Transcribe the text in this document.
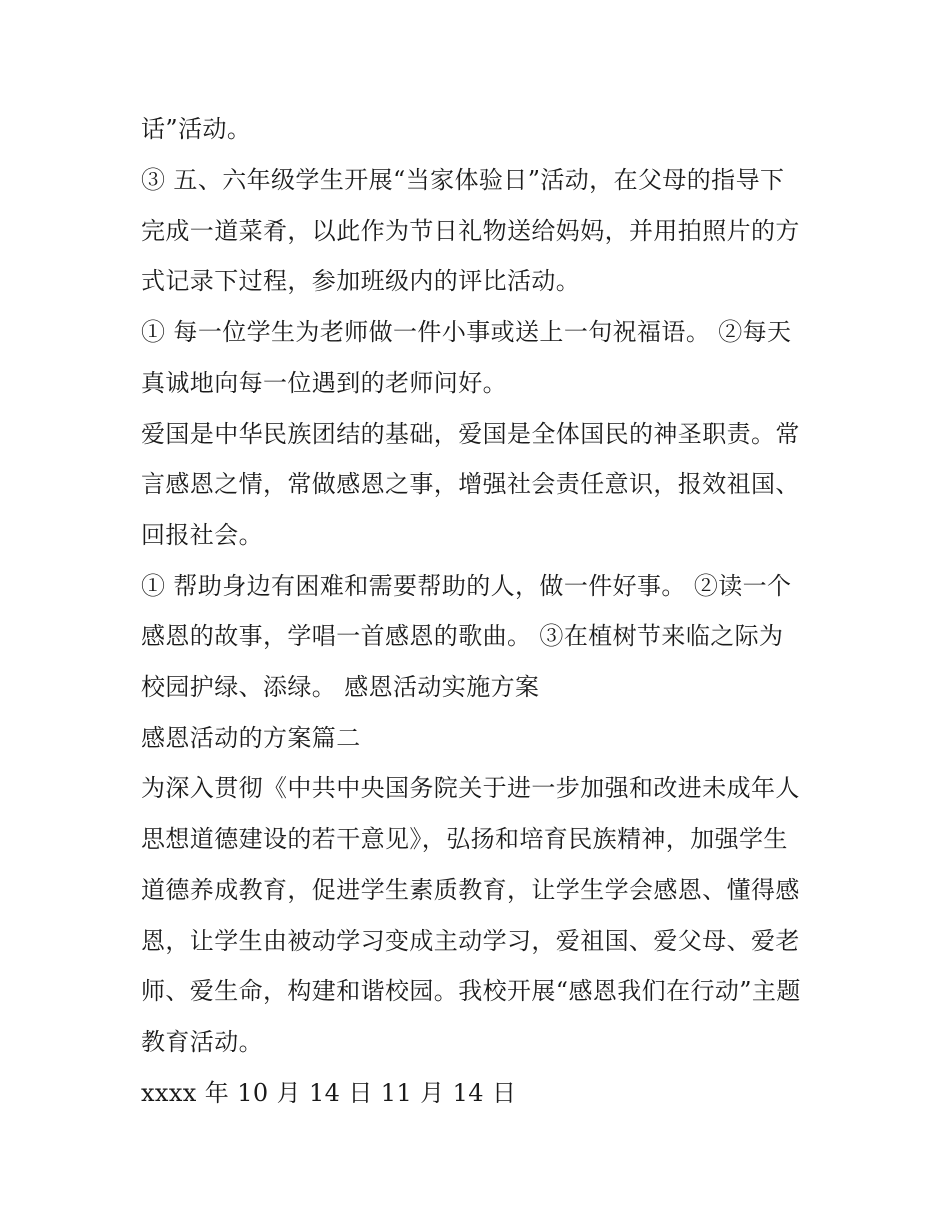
话”活动。
③ 五、六年级学生开展“当家体验日”活动，在父母的指导下
完成一道菜肴，以此作为节日礼物送给妈妈，并用拍照片的方
式记录下过程，参加班级内的评比活动。
① 每一位学生为老师做一件小事或送上一句祝福语。 ②每天
真诚地向每一位遇到的老师问好。
爱国是中华民族团结的基础，爱国是全体国民的神圣职责。常
言感恩之情，常做感恩之事，增强社会责任意识，报效祖国、
回报社会。
① 帮助身边有困难和需要帮助的人，做一件好事。 ②读一个
感恩的故事，学唱一首感恩的歌曲。 ③在植树节来临之际为
校园护绿、添绿。 感恩活动实施方案
感恩活动的方案篇二
为深入贯彻《中共中央国务院关于进一步加强和改进未成年人
思想道德建设的若干意见》，弘扬和培育民族精神，加强学生
道德养成教育，促进学生素质教育，让学生学会感恩、懂得感
恩，让学生由被动学习变成主动学习，爱祖国、爱父母、爱老
师、爱生命，构建和谐校园。我校开展“感恩我们在行动”主题
教育活动。
xxxx 年 10 月 14 日 11 月 14 日
